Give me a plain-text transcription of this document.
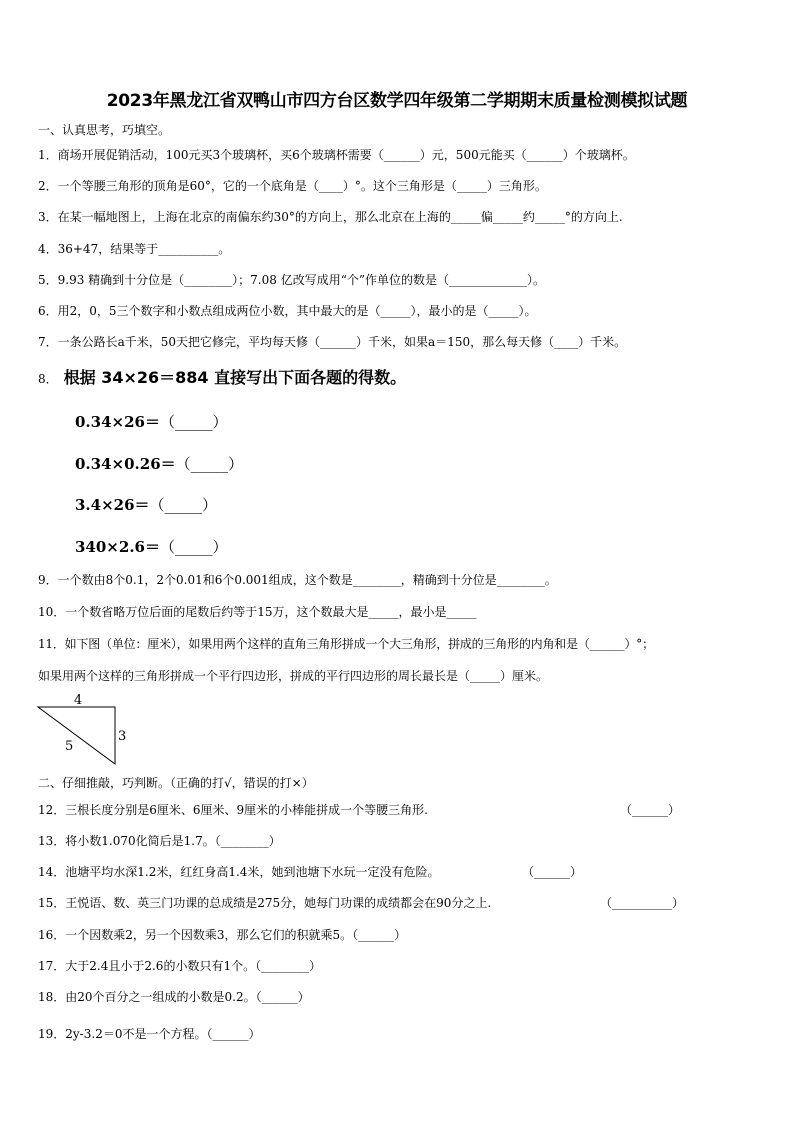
2023年黑龙江省双鸭山市四方台区数学四年级第二学期期末质量检测模拟试题
一、认真思考，巧填空。
1．商场开展促销活动，100元买3个玻璃杯，买6个玻璃杯需要（______）元，500元能买（______）个玻璃杯。
2．一个等腰三角形的顶角是60°，它的一个底角是（____）°。这个三角形是（_____）三角形。
3．在某一幅地图上，上海在北京的南偏东约30°的方向上，那么北京在上海的_____偏_____约_____°的方向上.
4．36+47，结果等于__________。
5．9.93 精确到十分位是（________）；7.08 亿改写成用“个”作单位的数是（_____________）。
6．用2，0，5三个数字和小数点组成两位小数，其中最大的是（_____），最小的是（_____）。
7．一条公路长a千米，50天把它修完，平均每天修（______）千米，如果a＝150，那么每天修（____）千米。
8． 根据 34×26＝884 直接写出下面各题的得数。
0.34×26＝（_____）
0.34×0.26＝（_____）
3.4×26＝（_____）
340×2.6＝（_____）
9．一个数由8个0.1，2个0.01和6个0.001组成，这个数是________，精确到十分位是________。
10．一个数省略万位后面的尾数后约等于15万，这个数最大是_____，最小是_____
11．如下图（单位：厘米），如果用两个这样的直角三角形拼成一个大三角形，拼成的三角形的内角和是（______）°；
如果用两个这样的三角形拼成一个平行四边形，拼成的平行四边形的周长最长是（_____）厘米。
4
3
5
二、仔细推敲，巧判断。（正确的打√，错误的打×）
12．三根长度分别是6厘米、6厘米、9厘米的小棒能拼成一个等腰三角形.	（______）
13．将小数1.070化简后是1.7。（________）
14．池塘平均水深1.2米，红红身高1.4米，她到池塘下水玩一定没有危险。	（______）
15．王悦语、数、英三门功课的总成绩是275分，她每门功课的成绩都会在90分之上.	（__________）
16．一个因数乘2，另一个因数乘3，那么它们的积就乘5。（______）
17．大于2.4且小于2.6的小数只有1个。（________）
18．由20个百分之一组成的小数是0.2。（______）
19．2y-3.2＝0不是一个方程。（______）
